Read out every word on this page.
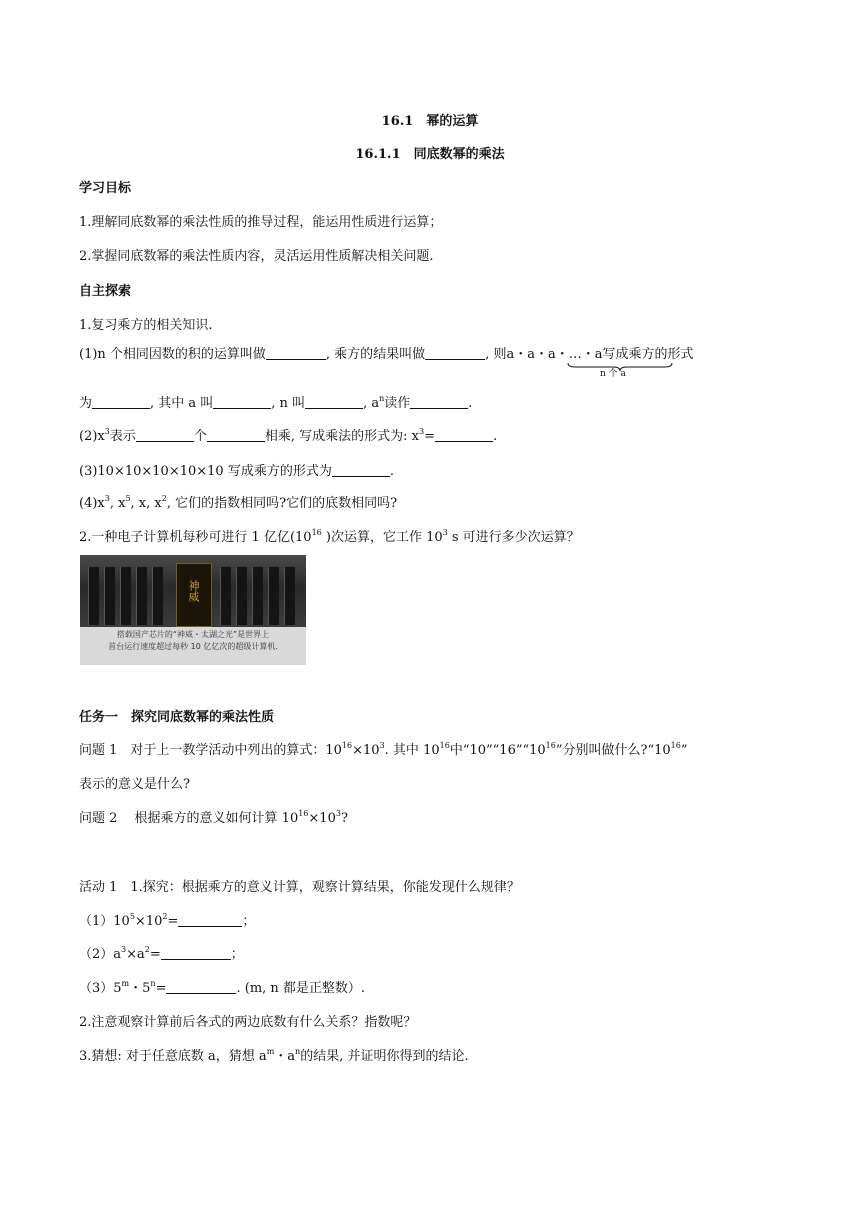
16.1　幂的运算
16.1.1　同底数幂的乘法
学习目标
1.理解同底数幂的乘法性质的推导过程，能运用性质进行运算；
2.掌握同底数幂的乘法性质内容，灵活运用性质解决相关问题.
自主探索
1.复习乘方的相关知识.
(1)n 个相同因数的积的运算叫做	, 乘方的结果叫做	, 则a・a・a・…・a写成乘方的形式
n 个 a
为	, 其中 a 叫	, n 叫	, $a^n$读作	.
$(2)x^3$表示	个	相乘, 写成乘法的形式为: $x^3=$	.
(3)10×10×10×10×10 写成乘方的形式为	.
$(4)x^3$, $x^5$, x, $x^2$, 它们的指数相同吗?它们的底数相同吗?
2.一种电子计算机每秒可进行 1 亿亿($10^{16}$ )次运算，它工作 $10^3$ s 可进行多少次运算？
神威
搭载国产芯片的“神威・太湖之光”是世界上
首台运行速度超过每秒 10 亿亿次的超级计算机.
任务一　探究同底数幂的乘法性质
问题 1　对于上一教学活动中列出的算式：$10^{16}\times 10^3$. 其中 $10^{16}$中“$10”“16”“10^{16}$”分别叫做什么$?“10^{16}$”
表示的意义是什么?
问题 2　 根据乘方的意义如何计算 $10^{16}\times 10^3$?
活动 1　1.探究：根据乘方的意义计算，观察计算结果，你能发现什么规律？
$(1)10^5\times 10^2=$	；
$(2)a^3\times a^2=$	；
（3）5$^m$・$5^n=$	. (m, n 都是正整数）.
2.注意观察计算前后各式的两边底数有什么关系？指数呢？
3.猜想: 对于任意底数 a，猜想 $a^m$・$a^n$的结果, 并证明你得到的结论.
